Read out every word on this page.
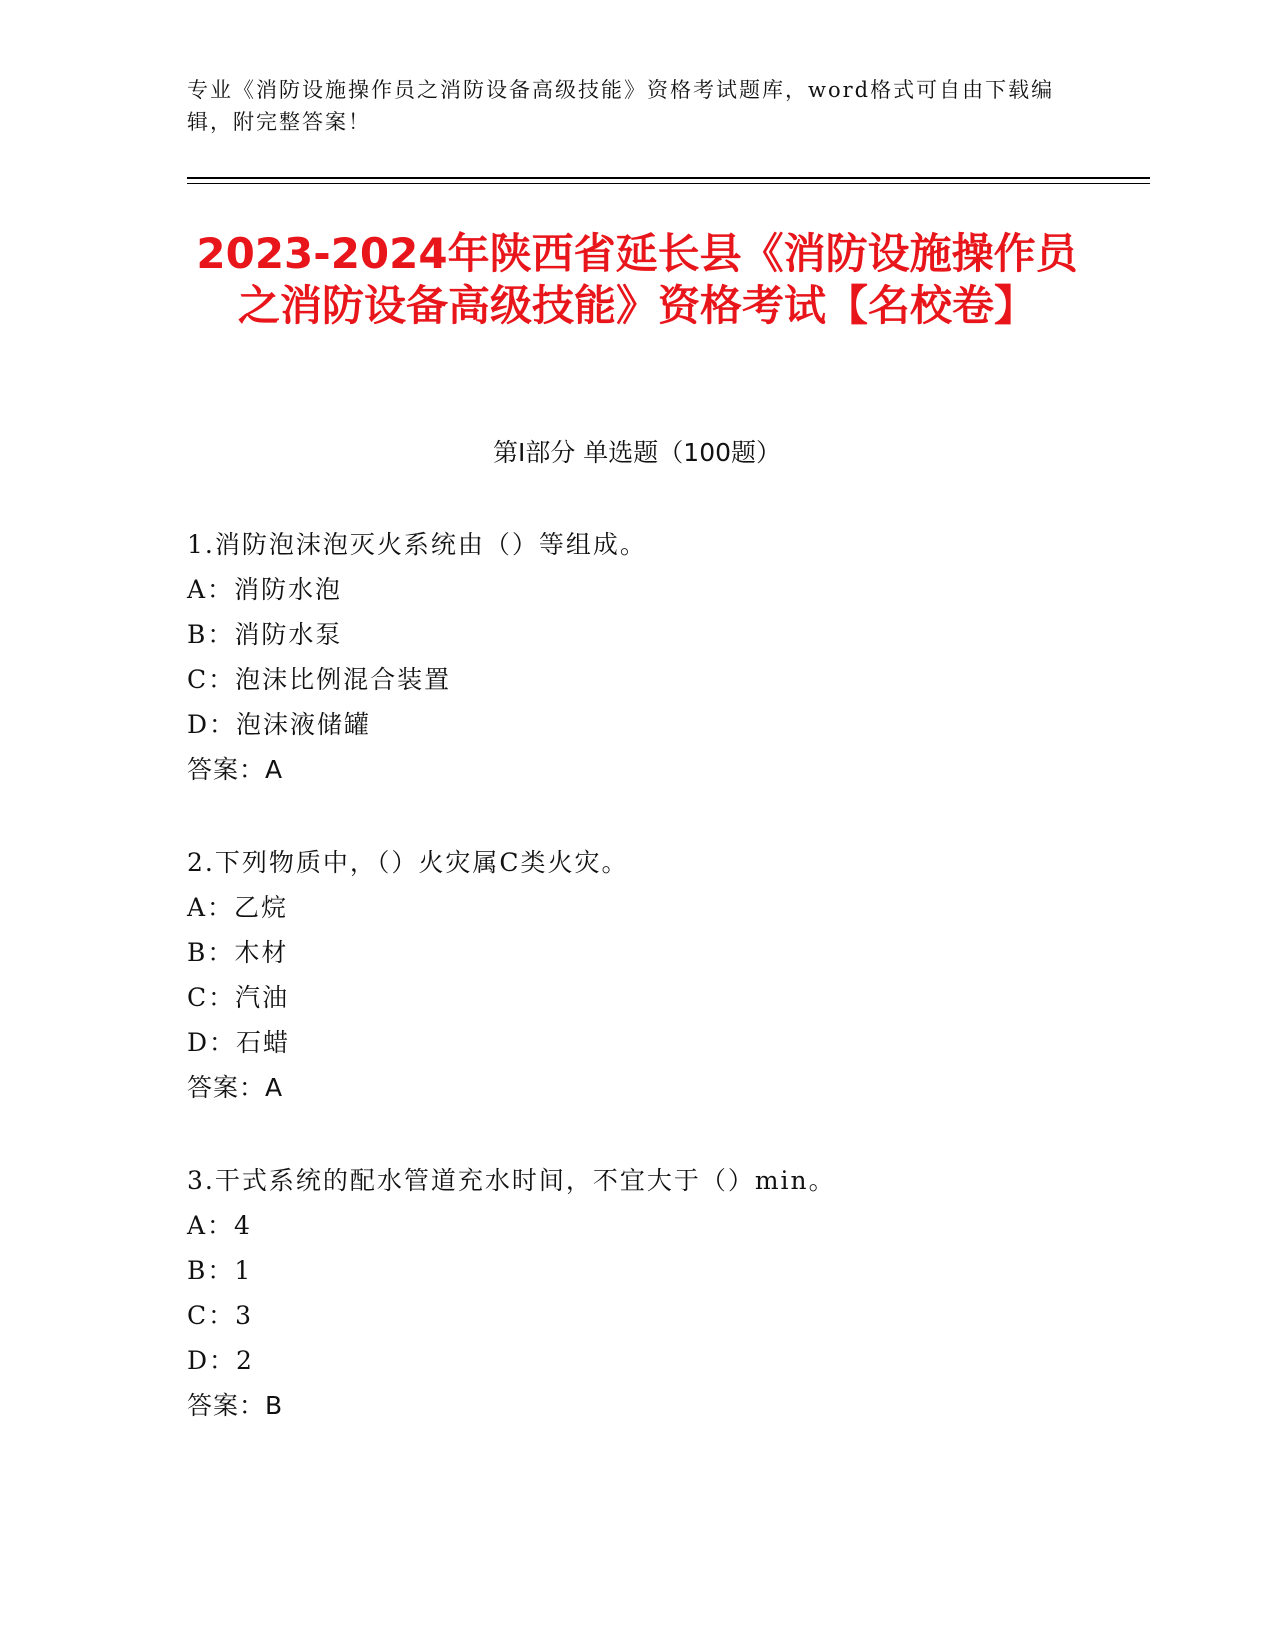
专业《消防设施操作员之消防设备高级技能》资格考试题库，word格式可自由下载编辑，附完整答案！
2023-2024年陕西省延长县《消防设施操作员之消防设备高级技能》资格考试【名校卷】
第Ⅰ部分 单选题（100题）
1.消防泡沫泡灭火系统由（）等组成。
A：消防水泡
B：消防水泵
C：泡沫比例混合装置
D：泡沫液储罐
答案：A
2.下列物质中，（）火灾属C类火灾。
A：乙烷
B：木材
C：汽油
D：石蜡
答案：A
3.干式系统的配水管道充水时间，不宜大于（）min。
A：4
B：1
C：3
D：2
答案：B
